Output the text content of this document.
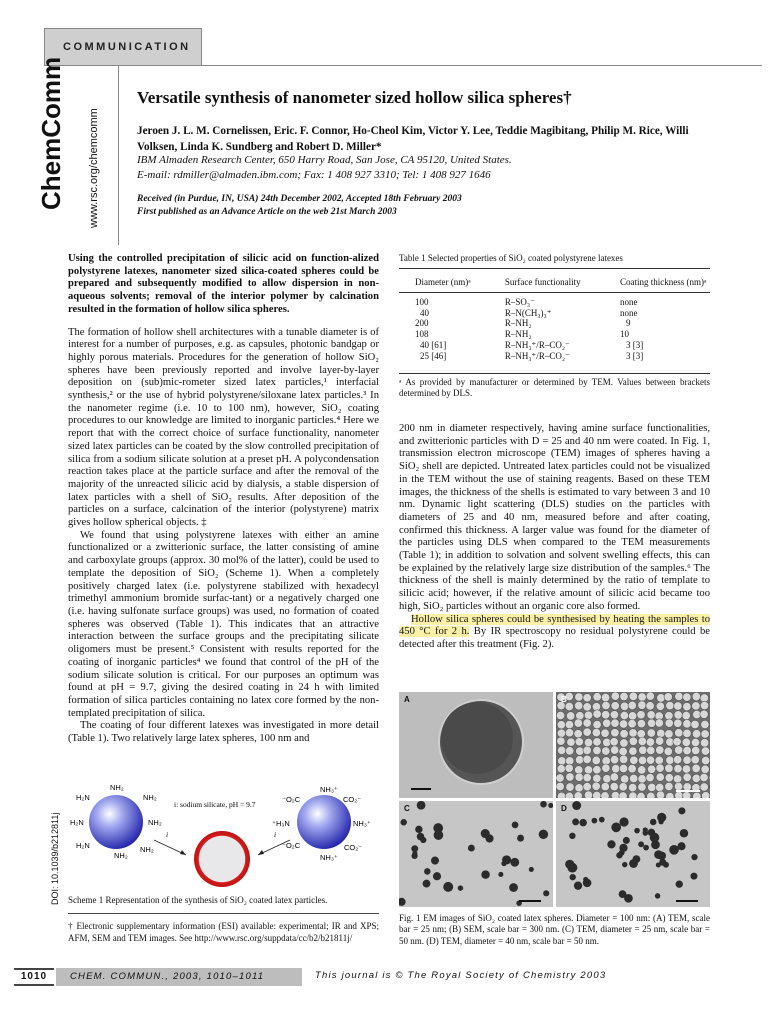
COMMUNICATION
ChemComm
www.rsc.org/chemcomm
Versatile synthesis of nanometer sized hollow silica spheres†
Jeroen J. L. M. Cornelissen, Eric. F. Connor, Ho-Cheol Kim, Victor Y. Lee, Teddie Magibitang, Philip M. Rice, Willi Volksen, Linda K. Sundberg and Robert D. Miller*
IBM Almaden Research Center, 650 Harry Road, San Jose, CA 95120, United States.
E-mail: rdmiller@almaden.ibm.com; Fax: 1 408 927 3310; Tel: 1 408 927 1646
Received (in Purdue, IN, USA) 24th December 2002, Accepted 18th February 2003
First published as an Advance Article on the web 21st March 2003

Using the controlled precipitation of silicic acid on function-alized polystyrene latexes, nanometer sized silica-coated spheres could be prepared and subsequently modified to allow dispersion in non-aqueous solvents; removal of the interior polymer by calcination resulted in the formation of hollow silica spheres.

The formation of hollow shell architectures with a tunable diameter is of interest for a number of purposes, e.g. as capsules, photonic bandgap or highly porous materials. Procedures for the generation of hollow SiO₂ spheres have been previously reported and involve layer-by-layer deposition on (sub)mic-rometer sized latex particles,¹ interfacial synthesis,² or the use of hybrid polystyrene/siloxane latex particles.³ In the nanometer regime (i.e. 10 to 100 nm), however, SiO₂ coating procedures to our knowledge are limited to inorganic particles.⁴ Here we report that with the correct choice of surface functionality, nanometer sized latex particles can be coated by the slow controlled precipitation of silica from a sodium silicate solution at a preset pH. A polycondensation reaction takes place at the particle surface and after the removal of the majority of the unreacted silicic acid by dialysis, a stable dispersion of latex particles with a shell of SiO₂ results. After deposition of the particles on a surface, calcination of the interior (polystyrene) matrix gives hollow spherical objects. ‡

We found that using polystyrene latexes with either an amine functionalized or a zwitterionic surface, the latter consisting of amine and carboxylate groups (approx. 30 mol% of the latter), could be used to template the deposition of SiO₂ (Scheme 1). When a completely positively charged latex (i.e. polystyrene stabilized with hexadecyl trimethyl ammonium bromide surfac-tant) or a negatively charged one (i.e. having sulfonate surface groups) was used, no formation of coated spheres was observed (Table 1). This indicates that an attractive interaction between the surface groups and the precipitating silicate oligomers must be present.⁵ Consistent with results reported for the coating of inorganic particles⁴ we found that control of the pH of the sodium silicate solution is critical. For our purposes an optimum was found at pH = 9.7, giving the desired coating in 24 h with limited formation of silica particles containing no latex core formed by the non-templated precipitation of silica.

The coating of four different latexes was investigated in more detail (Table 1). Two relatively large latex spheres, 100 nm and

NH₂
H₂N	NH₂
H₂N	NH₂
H₂N	NH₂
NH₂
i: sodium silicate, pH = 9.7
NH₃⁺
⁻O₂C	CO₂⁻
⁺H₃N	NH₃⁺
⁻O₂C	CO₂⁻
NH₃⁺
i	i
Scheme 1 Representation of the synthesis of SiO₂ coated latex particles.
† Electronic supplementary information (ESI) available: experimental; IR and XPS; AFM, SEM and TEM images. See http://www.rsc.org/suppdata/cc/b2/b21811j/
DOI: 10.1039/b212811j
Table 1 Selected properties of SiO₂ coated polystyrene latexes
Diameter (nm)ᵃ	Surface functionality	Coating thickness (nm)ᵃ

100	R–SO₃⁻	none
40	R–N(CH₃)₃⁺	none
200	R–NH₂	9
108	R–NH₂	10
40 [61]	R–NH₃⁺/R–CO₂⁻	3 [3]
25 [46]	R–NH₃⁺/R–CO₂⁻	3 [3]
ᵃ As provided by manufacturer or determined by TEM. Values between brackets determined by DLS.

200 nm in diameter respectively, having amine surface functionalities, and zwitterionic particles with D = 25 and 40 nm were coated. In Fig. 1, transmission electron microscope (TEM) images of spheres having a SiO₂ shell are depicted. Untreated latex particles could not be visualized in the TEM without the use of staining reagents. Based on these TEM images, the thickness of the shells is estimated to vary between 3 and 10 nm. Dynamic light scattering (DLS) studies on the particles with diameters of 25 and 40 nm, measured before and after coating, confirmed this thickness. A larger value was found for the diameter of the particles using DLS when compared to the TEM measurements (Table 1); in addition to solvation and solvent swelling effects, this can be explained by the relatively large size distribution of the samples.⁶ The thickness of the shell is mainly determined by the ratio of template to silicic acid; however, if the relative amount of silicic acid became too high, SiO₂ particles without an organic core also formed.

Hollow silica spheres could be synthesised by heating the samples to 450 °C for 2 h. By IR spectroscopy no residual polystyrene could be detected after this treatment (Fig. 2).

A	B
C	D
Fig. 1 EM images of SiO₂ coated latex spheres. Diameter = 100 nm: (A) TEM, scale bar = 25 nm; (B) SEM, scale bar = 300 nm. (C) TEM, diameter = 25 nm, scale bar = 50 nm. (D) TEM, diameter = 40 nm, scale bar = 50 nm.
1010	CHEM. COMMUN., 2003, 1010–1011	This journal is © The Royal Society of Chemistry 2003
